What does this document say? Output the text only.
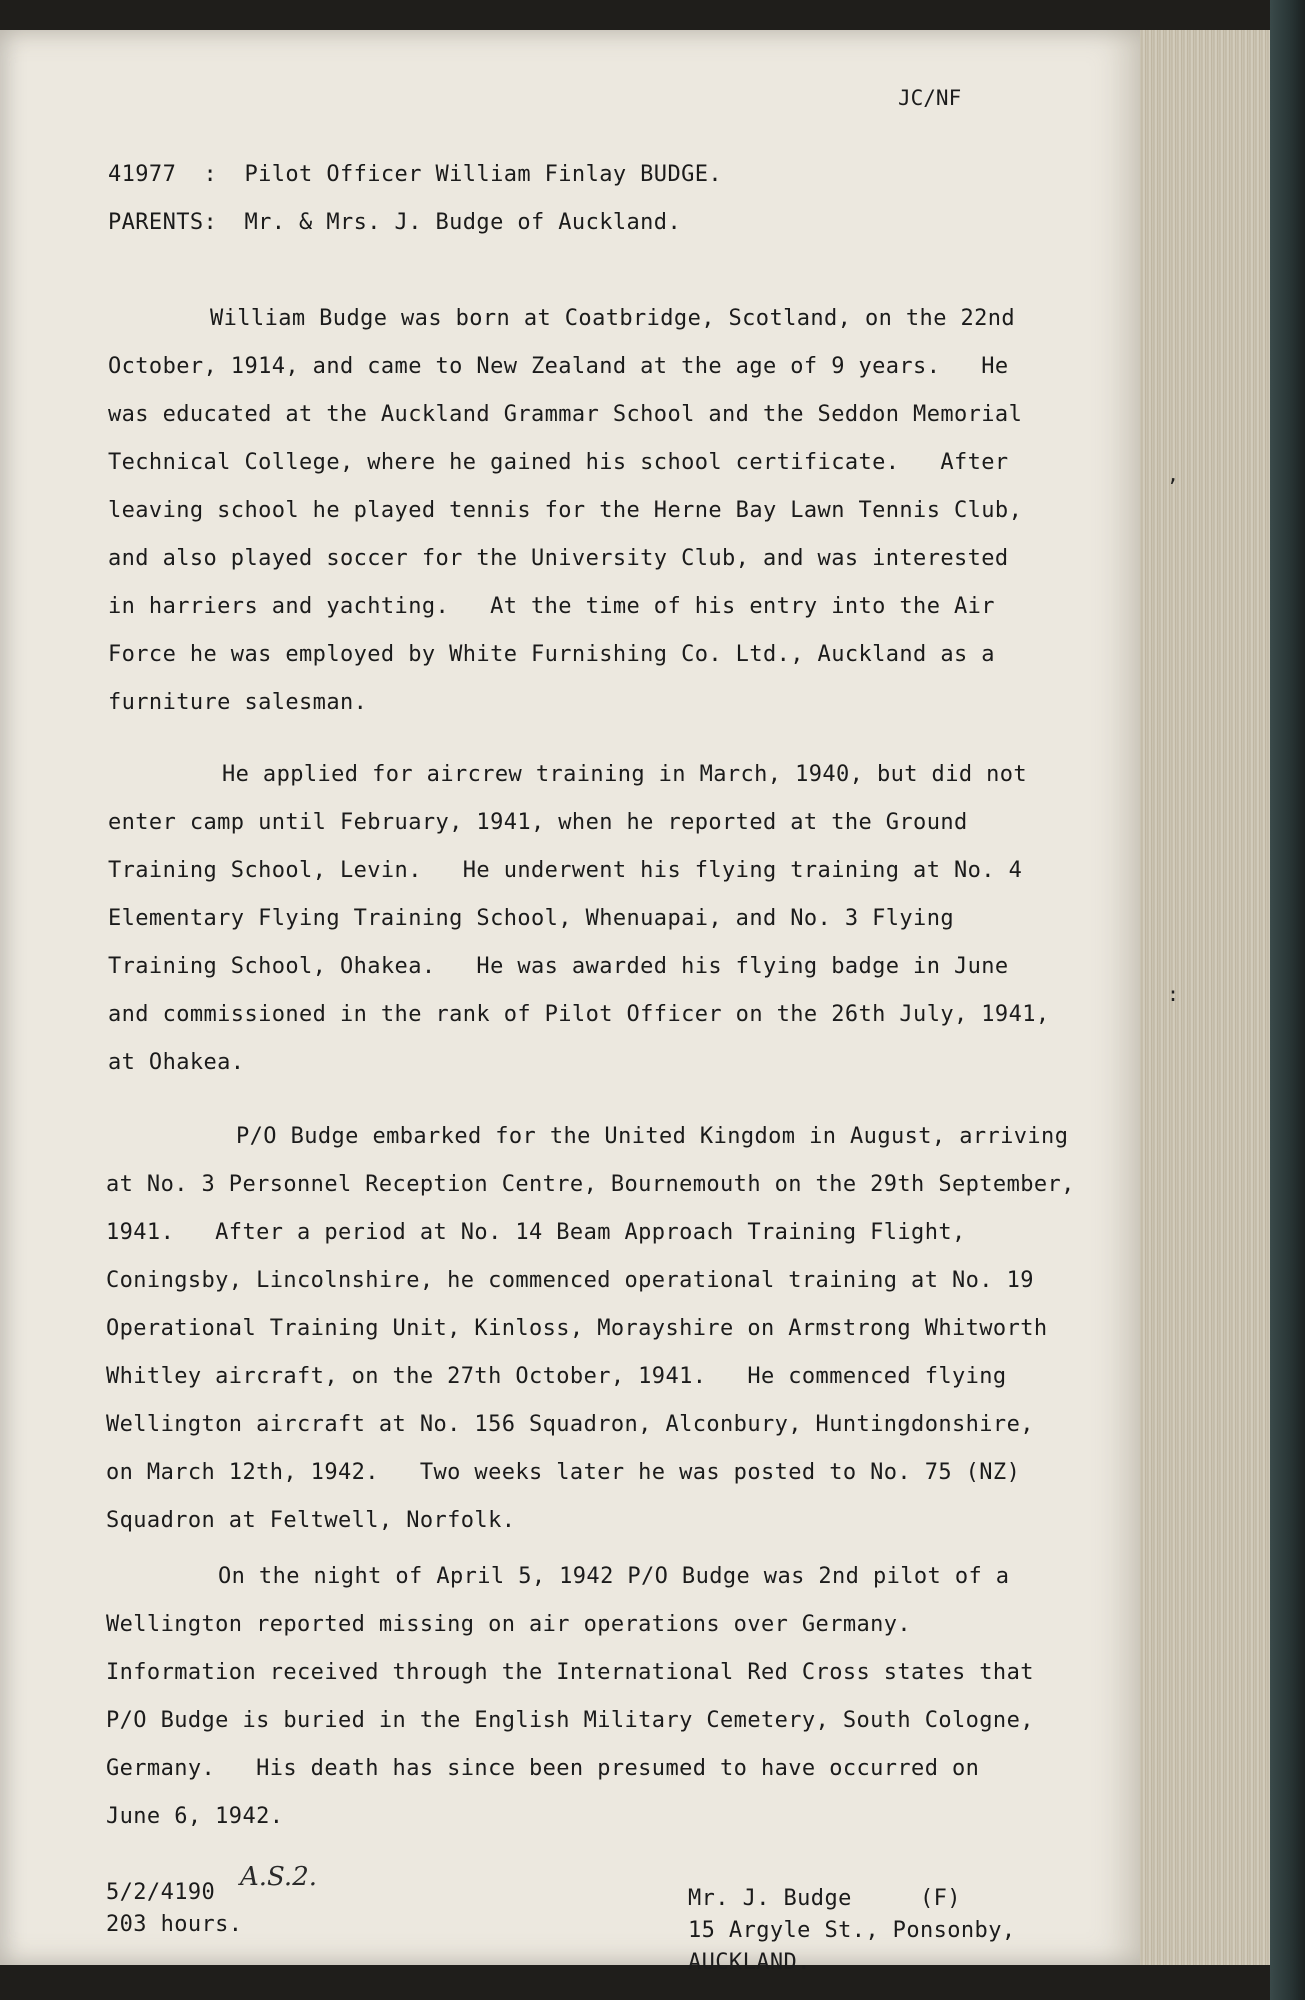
,
:
JC/NF
41977  :  Pilot Officer William Finlay BUDGE.
PARENTS:  Mr. & Mrs. J. Budge of Auckland.
William Budge was born at Coatbridge, Scotland, on the 22nd
October, 1914, and came to New Zealand at the age of 9 years.   He
was educated at the Auckland Grammar School and the Seddon Memorial
Technical College, where he gained his school certificate.   After
leaving school he played tennis for the Herne Bay Lawn Tennis Club,
and also played soccer for the University Club, and was interested
in harriers and yachting.   At the time of his entry into the Air
Force he was employed by White Furnishing Co. Ltd., Auckland as a
furniture salesman.
He applied for aircrew training in March, 1940, but did not
enter camp until February, 1941, when he reported at the Ground
Training School, Levin.   He underwent his flying training at No. 4
Elementary Flying Training School, Whenuapai, and No. 3 Flying
Training School, Ohakea.   He was awarded his flying badge in June
and commissioned in the rank of Pilot Officer on the 26th July, 1941,
at Ohakea.
P/O Budge embarked for the United Kingdom in August, arriving
at No. 3 Personnel Reception Centre, Bournemouth on the 29th September,
1941.   After a period at No. 14 Beam Approach Training Flight,
Coningsby, Lincolnshire, he commenced operational training at No. 19
Operational Training Unit, Kinloss, Morayshire on Armstrong Whitworth
Whitley aircraft, on the 27th October, 1941.   He commenced flying
Wellington aircraft at No. 156 Squadron, Alconbury, Huntingdonshire,
on March 12th, 1942.   Two weeks later he was posted to No. 75 (NZ)
Squadron at Feltwell, Norfolk.
On the night of April 5, 1942 P/O Budge was 2nd pilot of a
Wellington reported missing on air operations over Germany.
Information received through the International Red Cross states that
P/O Budge is buried in the English Military Cemetery, South Cologne,
Germany.   His death has since been presumed to have occurred on
June 6, 1942.
5/2/4190
A.S.2.
203 hours.
Mr. J. Budge     (F)
15 Argyle St., Ponsonby,
AUCKLAND.
